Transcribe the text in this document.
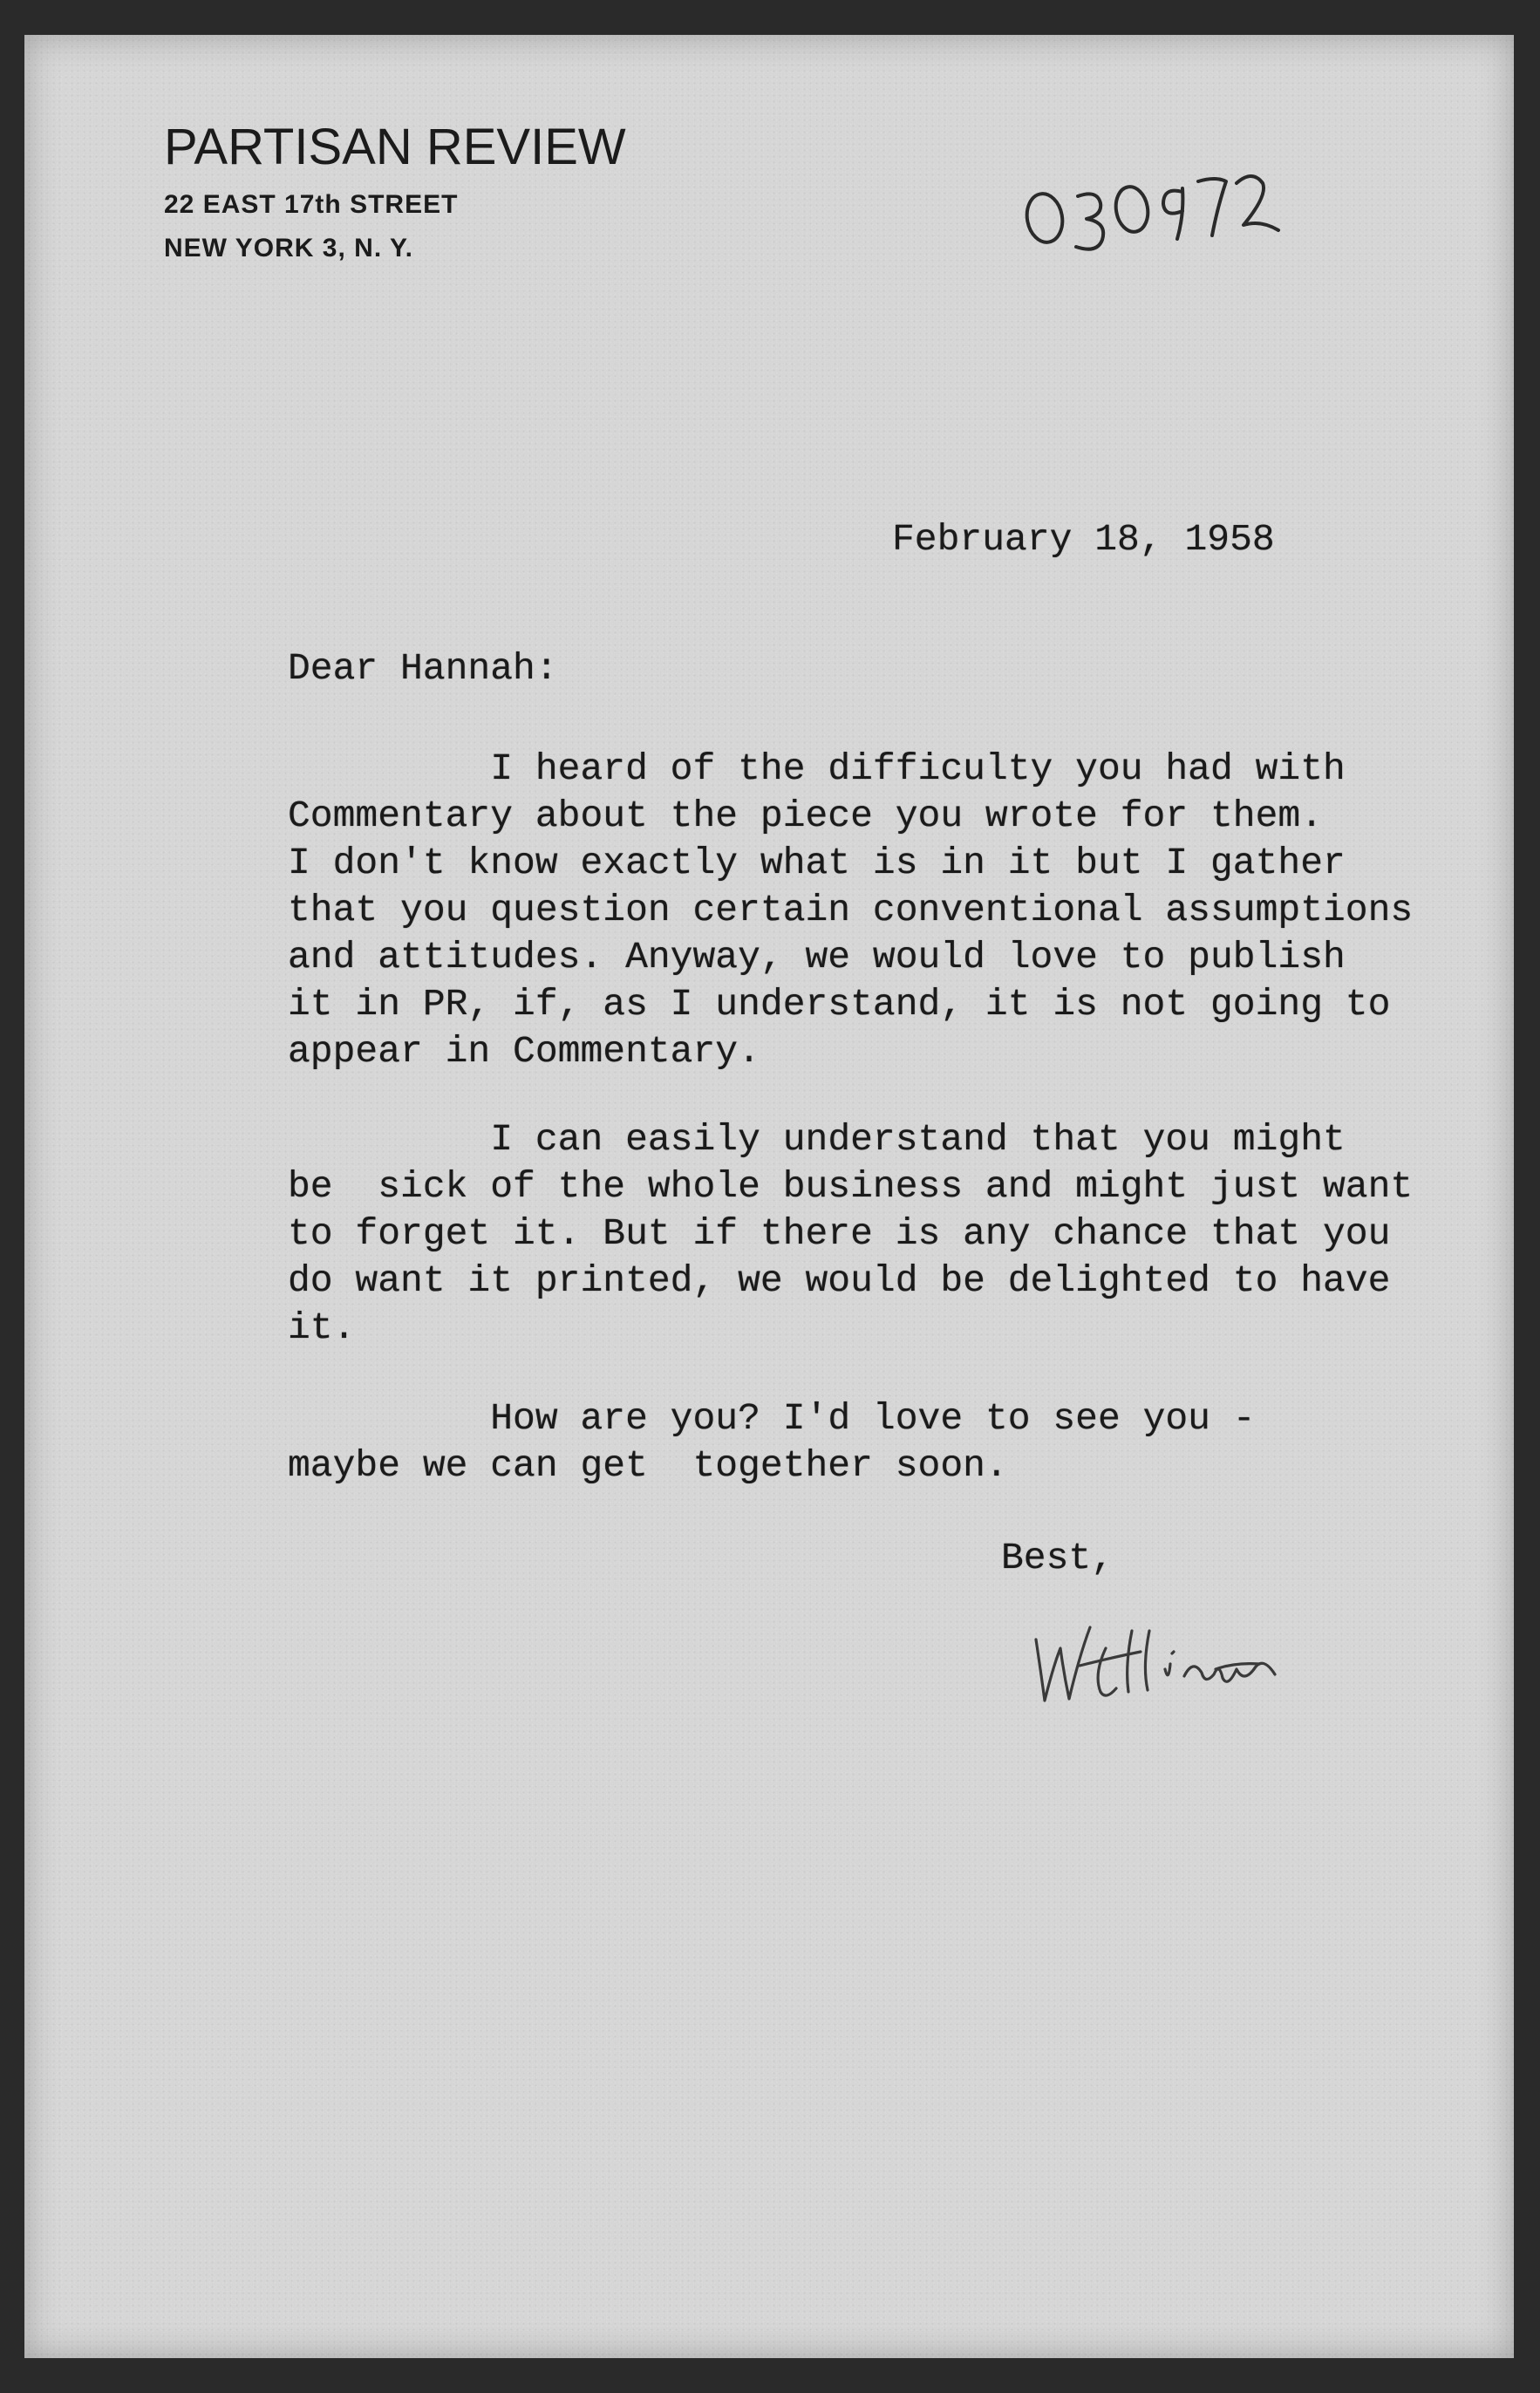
PARTISAN REVIEW
22 EAST 17th STREET
NEW YORK 3, N. Y.
February 18, 1958
Dear Hannah:
I heard of the difficulty you had with
Commentary about the piece you wrote for them.
I don't know exactly what is in it but I gather
that you question certain conventional assumptions
and attitudes. Anyway, we would love to publish
it in PR, if, as I understand, it is not going to
appear in Commentary.
I can easily understand that you might
be  sick of the whole business and might just want
to forget it. But if there is any chance that you
do want it printed, we would be delighted to have
it.
How are you? I'd love to see you -
maybe we can get  together soon.
Best,
